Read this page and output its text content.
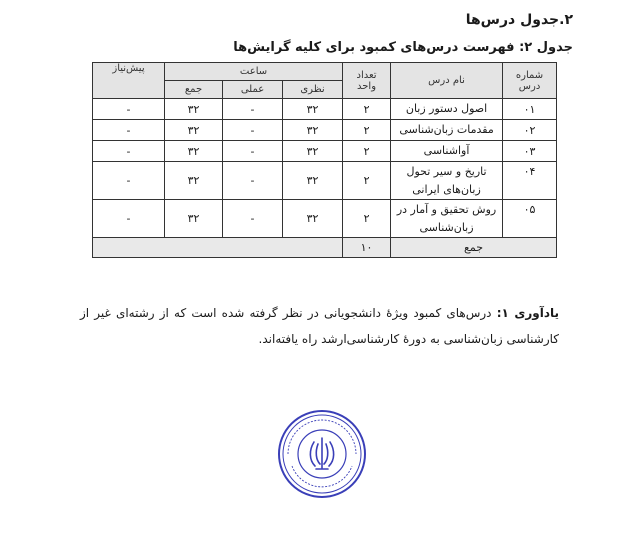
۲.جدول درس‌ها
جدول ۲: فهرست درس‌های کمبود برای کلیه گرایش‌ها
شماره درس	نام درس	تعداد واحد	ساعت			پیش‌نیاز
			نظری	عملی	جمع	
۰۱	اصول دستور زبان	۲	۳۲	-	۳۲	-
۰۲	مقدمات زبان‌شناسی	۲	۳۲	-	۳۲	-
۰۳	آواشناسی	۲	۳۲	-	۳۲	-
۰۴	تاریخ و سیر تحول زبان‌های ایرانی	۲	۳۲	-	۳۲	-
۰۵	روش تحقیق و آمار در زبان‌شناسی	۲	۳۲	-	۳۲	-
جمع		۱۰				
یادآوری ۱: درس‌های کمبود ویژهٔ دانشجویانی در نظر گرفته شده است که از رشته‌ای غیر از کارشناسی زبان‌شناسی به دورهٔ کارشناسی‌ارشد راه یافته‌اند.
